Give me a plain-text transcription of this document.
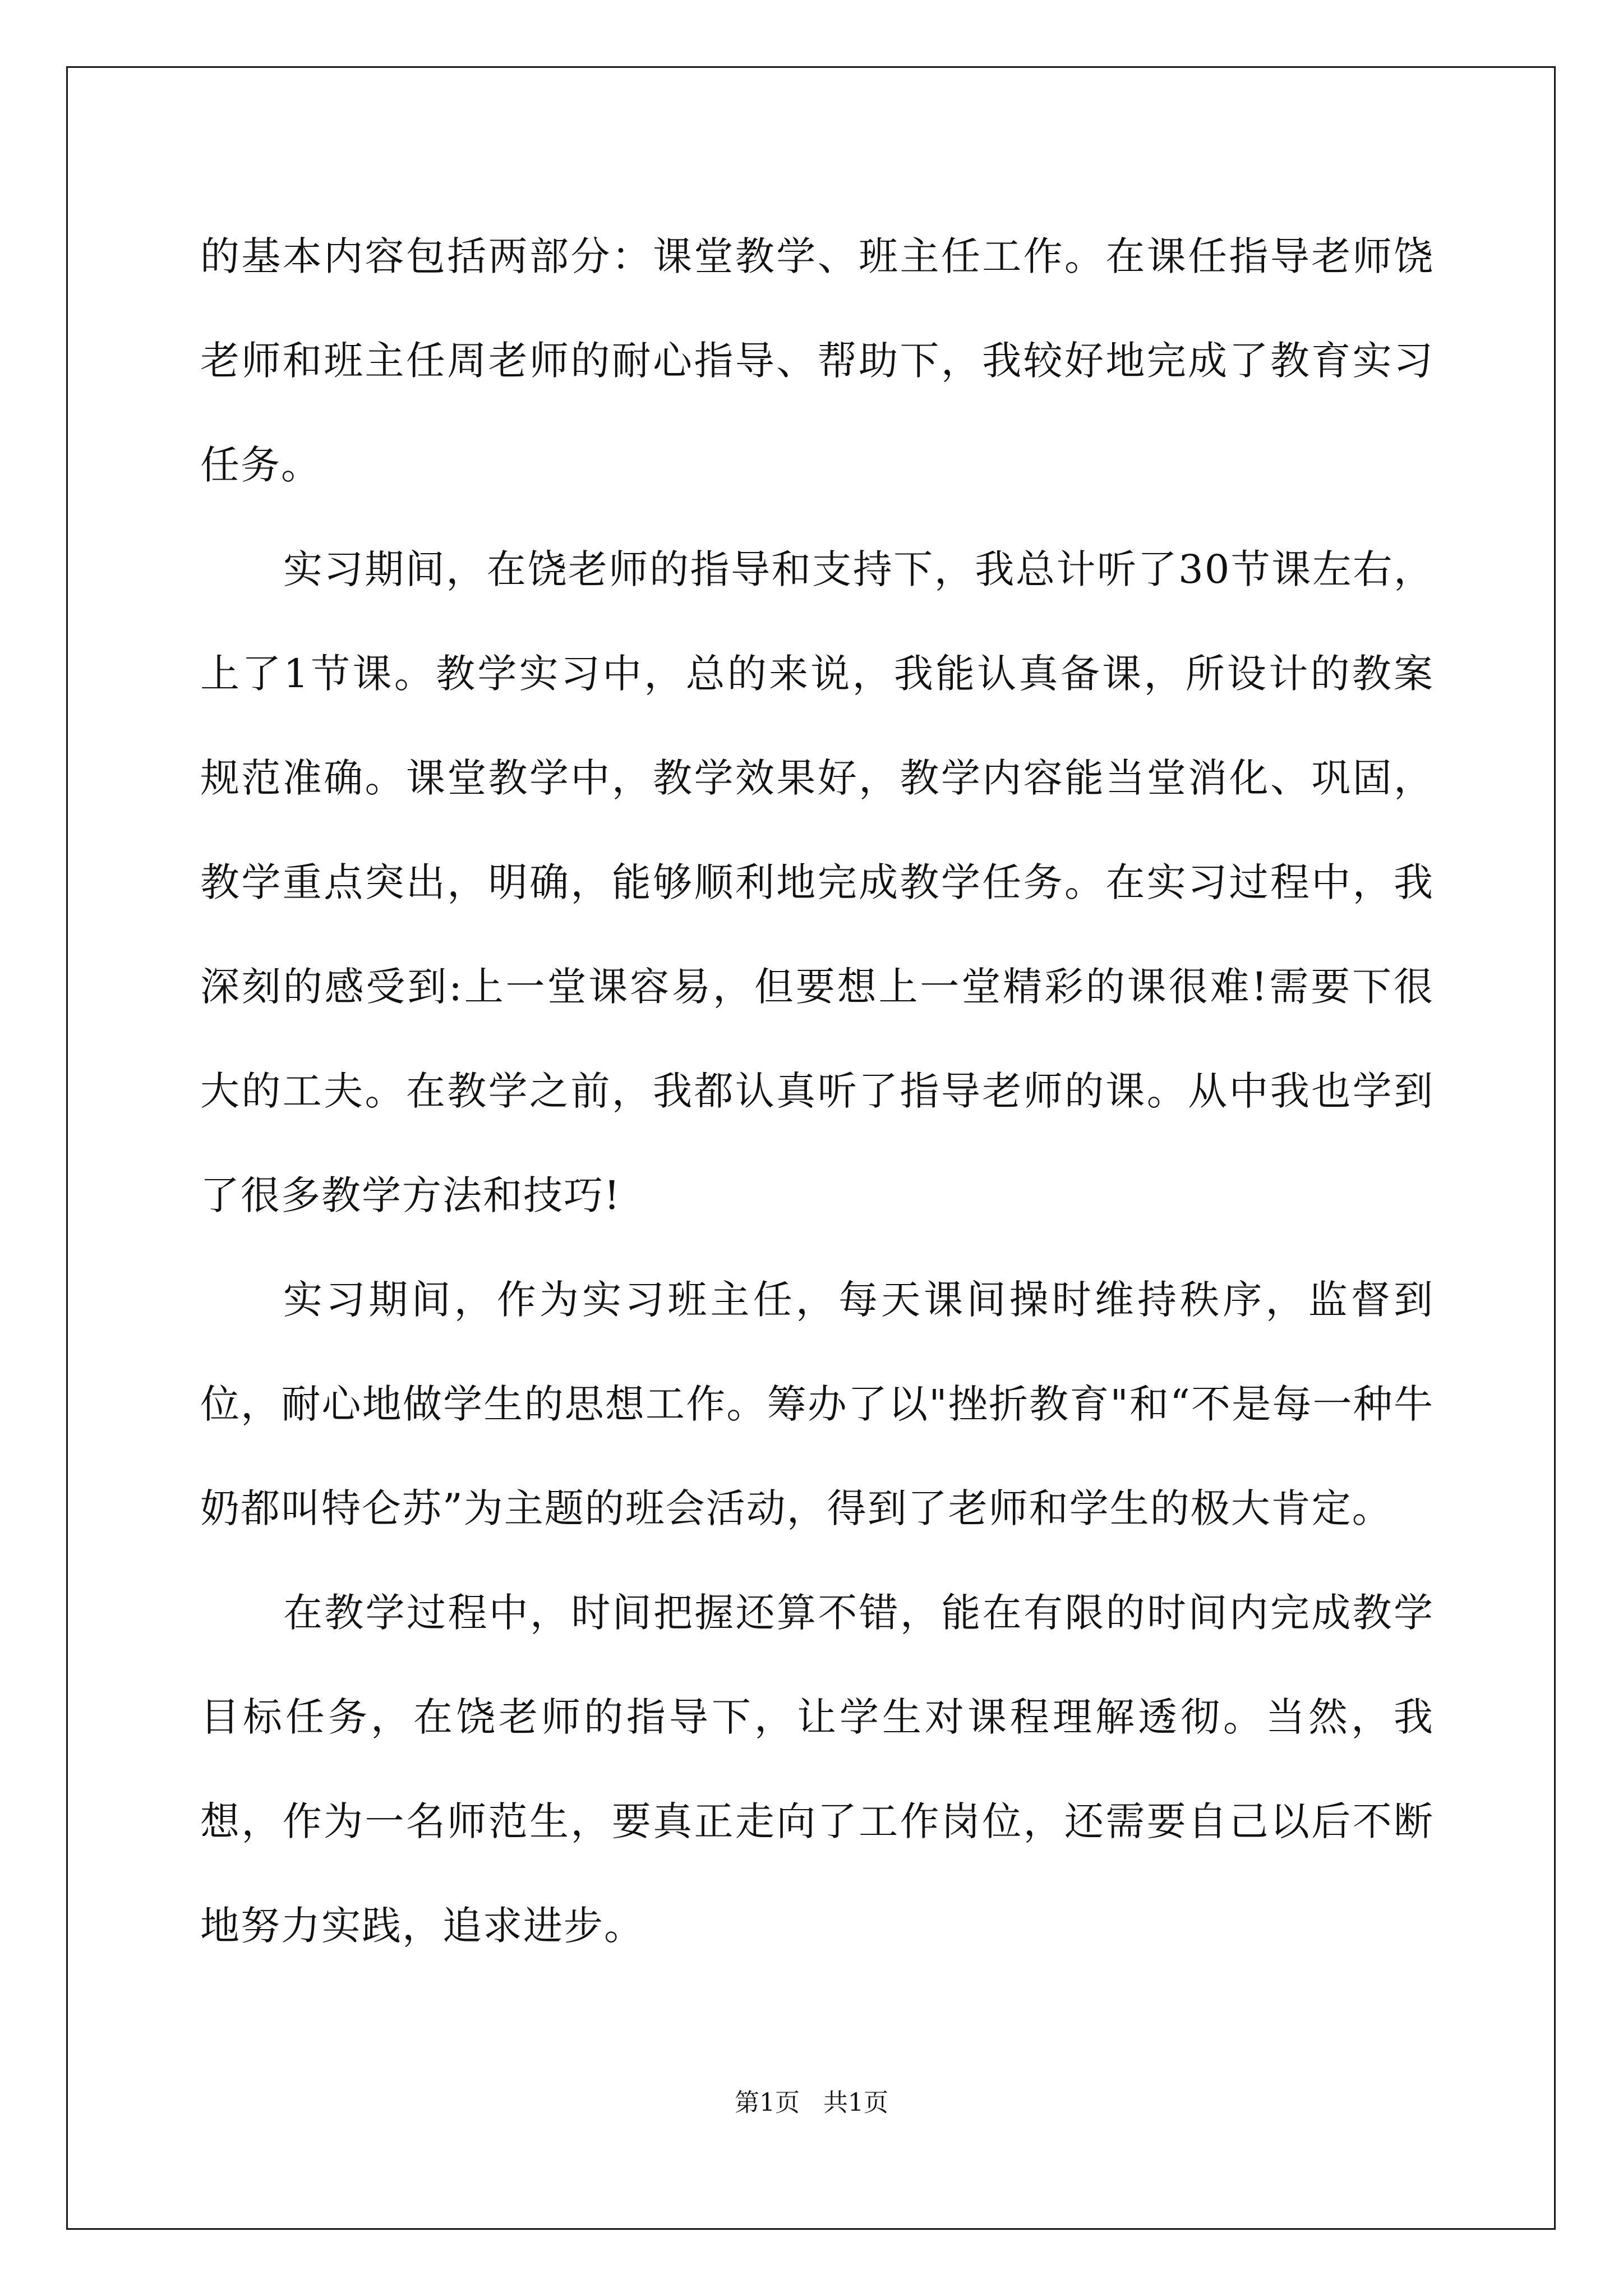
的基本内容包括两部分：课堂教学、班主任工作。在课任指导老师饶老师和班主任周老师的耐心指导、帮助下，我较好地完成了教育实习任务。

实习期间，在饶老师的指导和支持下，我总计听了30节课左右，上了1节课。教学实习中，总的来说，我能认真备课，所设计的教案规范准确。课堂教学中，教学效果好，教学内容能当堂消化、巩固，教学重点突出，明确，能够顺利地完成教学任务。在实习过程中，我深刻的感受到:上一堂课容易，但要想上一堂精彩的课很难!需要下很大的工夫。在教学之前，我都认真听了指导老师的课。从中我也学到了很多教学方法和技巧!

实习期间，作为实习班主任，每天课间操时维持秩序，监督到位，耐心地做学生的思想工作。筹办了以"挫折教育"和“不是每一种牛奶都叫特仑苏”为主题的班会活动，得到了老师和学生的极大肯定。

在教学过程中，时间把握还算不错，能在有限的时间内完成教学目标任务，在饶老师的指导下，让学生对课程理解透彻。当然，我想，作为一名师范生，要真正走向了工作岗位，还需要自己以后不断地努力实践，追求进步。

第1页   共1页
